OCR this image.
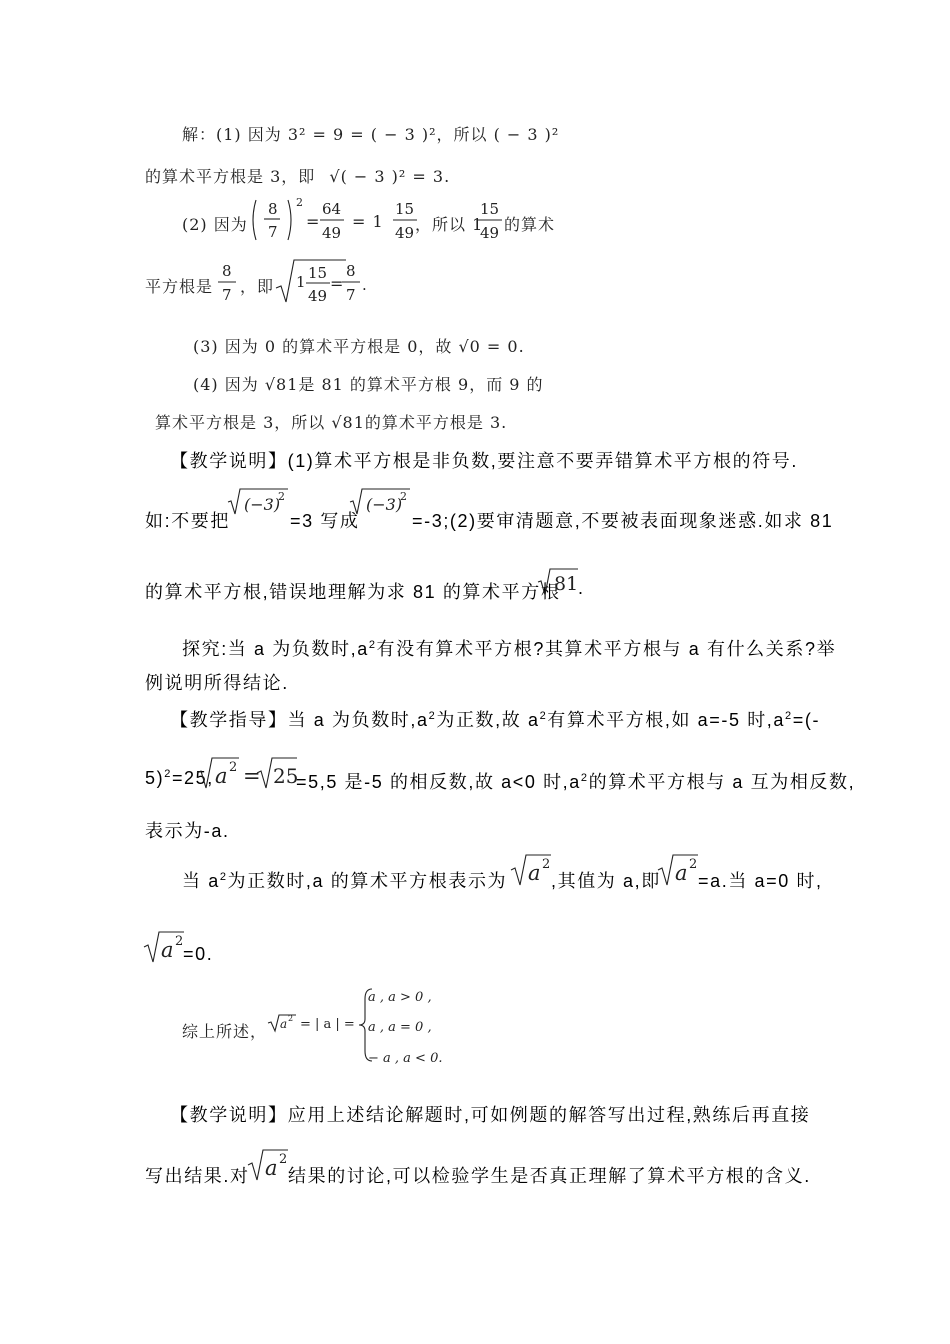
解：(1) 因为 3² = 9 = ( − 3 )²，所以 ( − 3 )²
的算术平方根是 3，即 √( − 3 )² = 3.
(2) 因为
8
7
2
=
64
49
= 1
15
49 ，所以 1
15
49 的算术
平方根是
8
7 ，即 1 15
49
=
8
7
.
(3) 因为 0 的算术平方根是 0，故 √0 = 0.
(4) 因为 √81是 81 的算术平方根 9，而 9 的
算术平方根是 3，所以 √81的算术平方根是 3.
【教学说明】(1)算术平方根是非负数,要注意不要弄错算术平方根的符号.
如:不要把
(−3)
2
=3 写成
(−3)
2
=-3;(2)要审清题意,不要被表面现象迷惑.如求 81
的算术平方根,错误地理解为求 81 的算术平方根
81 .
探究:当 a 为负数时$,a^2$有没有算术平方根?其算术平方根与 a 有什么关系?举
例说明所得结论.
【教学指导】当 a 为负数时$,a^2$为正数,故 $a^2$有算术平方根,如 a=-5 时$,a^2=(-$
5)$^2$=25, a 2 = 25
=5,5 是-5 的相反数,故 a<0 时$,a^2$的算术平方根与 a 互为相反数,
表示为-a.
当 $a^2$为正数时,a 的算术平方根表示为 a 2
,其值为 a,即 a 2
=a.当 a=0 时,
a 2
=0.
综上所述， a 2 = | a | =
a , a > 0 ,
a , a = 0 ,
− a , a < 0.
【教学说明】应用上述结论解题时,可如例题的解答写出过程,熟练后再直接
写出结果.对 a 2
结果的讨论,可以检验学生是否真正理解了算术平方根的含义.
